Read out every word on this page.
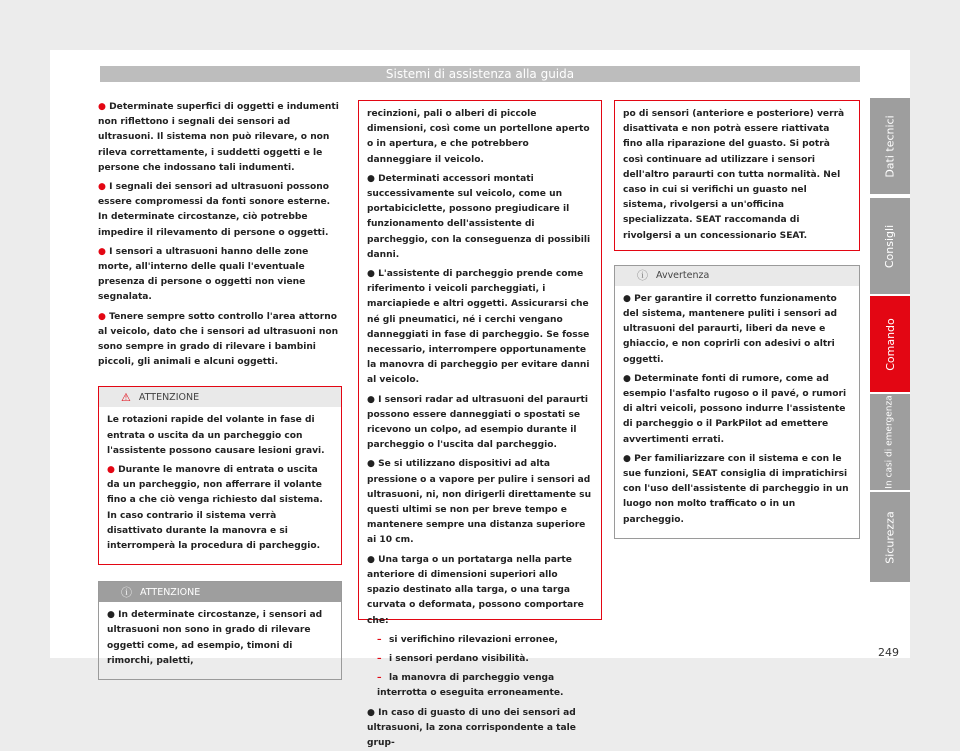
Sistemi di assistenza alla guida

● Determinate superfici di oggetti e indumenti non riflettono i segnali dei sensori ad ultrasuoni. Il sistema non può rilevare, o non rileva correttamente, i suddetti oggetti e le persone che indossano tali indumenti.

● I segnali dei sensori ad ultrasuoni possono essere compromessi da fonti sonore esterne. In determinate circostanze, ciò potrebbe impedire il rilevamento di persone o oggetti.

● I sensori a ultrasuoni hanno delle zone morte, all'interno delle quali l'eventuale presenza di persone o oggetti non viene segnalata.

● Tenere sempre sotto controllo l'area attorno al veicolo, dato che i sensori ad ultrasuoni non sono sempre in grado di rilevare i bambini piccoli, gli animali e alcuni oggetti.

⚠ ATTENZIONE

Le rotazioni rapide del volante in fase di entrata o uscita da un parcheggio con l'assistente possono causare lesioni gravi.

● Durante le manovre di entrata o uscita da un parcheggio, non afferrare il volante fino a che ciò venga richiesto dal sistema. In caso contrario il sistema verrà disattivato durante la manovra e si interromperà la procedura di parcheggio.

ⓘ ATTENZIONE

● In determinate circostanze, i sensori ad ultrasuoni non sono in grado di rilevare oggetti come, ad esempio, timoni di rimorchi, paletti,

recinzioni, pali o alberi di piccole dimensioni, così come un portellone aperto o in apertura, e che potrebbero danneggiare il veicolo.

● Determinati accessori montati successivamente sul veicolo, come un portabiciclette, possono pregiudicare il funzionamento dell'assistente di parcheggio, con la conseguenza di possibili danni.

● L'assistente di parcheggio prende come riferimento i veicoli parcheggiati, i marciapiede e altri oggetti. Assicurarsi che né gli pneumatici, né i cerchi vengano danneggiati in fase di parcheggio. Se fosse necessario, interrompere opportunamente la manovra di parcheggio per evitare danni al veicolo.

● I sensori radar ad ultrasuoni del paraurti possono essere danneggiati o spostati se ricevono un colpo, ad esempio durante il parcheggio o l'uscita dal parcheggio.

● Se si utilizzano dispositivi ad alta pressione o a vapore per pulire i sensori ad ultrasuoni, ni, non dirigerli direttamente su questi ultimi se non per breve tempo e mantenere sempre una distanza superiore ai 10 cm.

● Una targa o un portatarga nella parte anteriore di dimensioni superiori allo spazio destinato alla targa, o una targa curvata o deformata, possono comportare che:

– si verifichino rilevazioni erronee,

– i sensori perdano visibilità.

– la manovra di parcheggio venga interrotta o eseguita erroneamente.

● In caso di guasto di uno dei sensori ad ultrasuoni, la zona corrispondente a tale grup-

po di sensori (anteriore e posteriore) verrà disattivata e non potrà essere riattivata fino alla riparazione del guasto. Si potrà così continuare ad utilizzare i sensori dell'altro paraurti con tutta normalità. Nel caso in cui si verifichi un guasto nel sistema, rivolgersi a un'officina specializzata. SEAT raccomanda di rivolgersi a un concessionario SEAT.

ⓘ Avvertenza

● Per garantire il corretto funzionamento del sistema, mantenere puliti i sensori ad ultrasuoni del paraurti, liberi da neve e ghiaccio, e non coprirli con adesivi o altri oggetti.

● Determinate fonti di rumore, come ad esempio l'asfalto rugoso o il pavé, o rumori di altri veicoli, possono indurre l'assistente di parcheggio o il ParkPilot ad emettere avvertimenti errati.

● Per familiarizzare con il sistema e con le sue funzioni, SEAT consiglia di impratichirsi con l'uso dell'assistente di parcheggio in un luogo non molto trafficato o in un parcheggio.

Dati tecnici
Consigli
Comando
In casi di emergenza
Sicurezza
249
